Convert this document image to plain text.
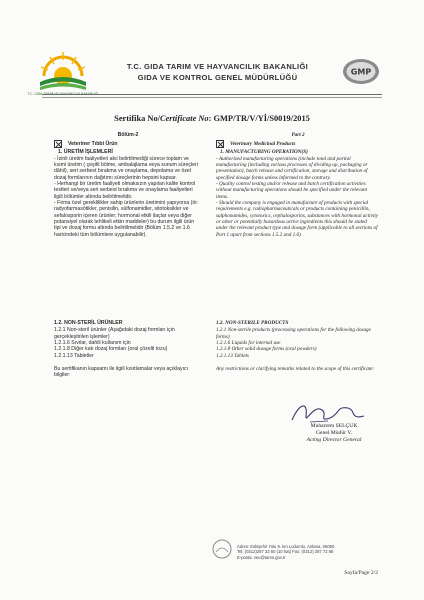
T.C. GIDA TARIM VE HAYVANCILIK BAKANLIĞI
T.C. GIDA TARIM VE HAYVANCILIK BAKANLIĞI
GIDA VE KONTROL GENEL MÜDÜRLÜĞÜ
GMP
Sertifika No/Certificate No: GMP/TR/V/Yİ/S0019/2015

Bölüm-2

Veteriner Tıbbi Ürün

1. ÜRETİM İŞLEMLERİ

- İzinli üretim faaliyetleri akıi belirtilmediği sürece toplam ve kısmi üretim ( çeşitli bölme, ambalajlama veya sunum süreçleri dâhil), seri serbest bırakma ve onaylama, depolama ve özel dozaj formlarının dağıtımı süreçlerinin hepsini kapsar.

- Herhangi bir üretim faaliyeti olmaksızın yapılan kalite kontrol testleri ve/veya seri serbest bırakma ve onaylama faaliyetleri ilgili bölümler altında belirtilmelidir.

- Firma özel gereklilikler sahip ürünlerin üretimini yapıyorsa (ör: radyofarmasötikler, penisilin, sülfonamidler, sitotoksikler ve sefalosporin içeren ürünler; hormonal etkili ilaçlar veya diğer potansiyel olarak tehlikeli etkin maddeler) bu durum ilgili ürün tipi ve dozaj formu altında belirtilmelidir (Bölüm 1.5.2 ve 1.6 haricindeki tüm bölümlere uygulanabilir).

1.2. NON-STERİL ÜRÜNLER

1.2.1 Non-steril ürünler (Aşağıdaki dozaj formları için gerçekleştirilen işlemler)

1.2.1.6 Sıvılar, dahili kullanım için

1.2.1.8 Diğer katı dozaj formları (oral çözelti tozu)

1.2.1.13 Tabletler

Bu sertifikanın kapsamı ile ilgili kısıtlamalar veya açıklayıcı bilgiler:

Part 2

Veterinary Medicinal Products

1. MANUFACTURING OPERATION(S)

- Authorized manufacturing operations (include total and partial manufacturing (including various processes of dividing up, packaging or presentation), batch release and certification, storage and distribution of specified dosage forms unless informed to the contrary.

- Quality control testing and/or release and batch certification activities without manufacturing operations should be specified under the relevant items.

- Should the company is engaged in manufacture of products with special requirements e.g. radiopharmaceuticals or products containing penicillin, sulphonamides, cytotoxics, cephalosporins, substances with hormonal activity or other or potentially hazardous active ingredients this should be stated under the relevant product type and dosage form (applicable to all sections of Part 1 apart from sections 1.5.2 and 1.6)

1.2. NON-STERILE PRODUCTS

1.2.1 Non-sterile products (processing operations for the following dosage forms)

1.2.1.6 Liquids for internal use

1.2.1.8 Other solid dosage forms (oral powders)

1.2.1.13 Tablets

Any restrictions or clarifying remarks related to the scope of this certificate:
Muharrem SELÇUK
Genel Müdür V.
Acting Director General
Adres: Eskişehir Yolu 9. km Lodumlu, Ankara, 06060
Tel: (0312)287 33 60 (10 hat) Fax: (0312) 287 72 66
E-posta: veu@tarim.gov.tr
Sayfa/Page 2/2
